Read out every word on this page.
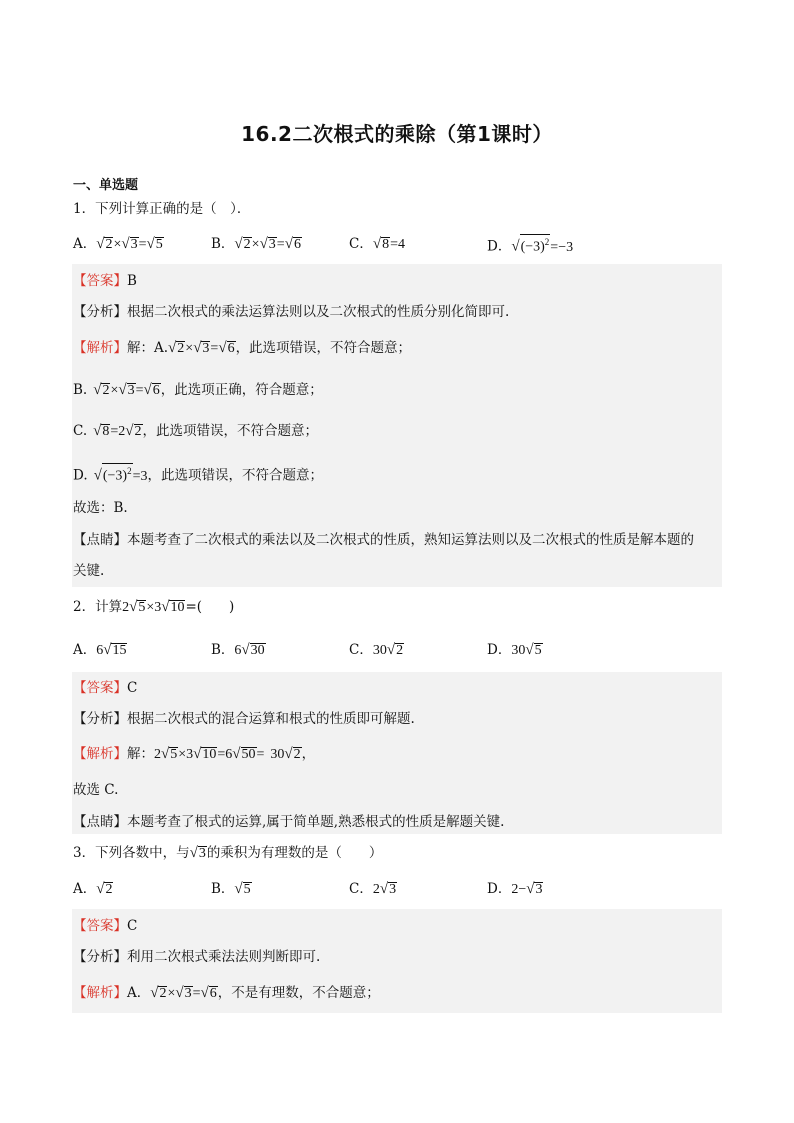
16.2二次根式的乘除（第1课时）
一、单选题
1．下列计算正确的是（　）．
A．√2×√3=√5	B．√2×√3=√6	C．√8=4	D．$√(-3)^2=-3$
【答案】B
【分析】根据二次根式的乘法运算法则以及二次根式的性质分别化简即可.
【解析】解：A.√2×√3=√6，此选项错误，不符合题意；
B. √2×√3=√6，此选项正确，符合题意；
C. √8=2√2，此选项错误，不符合题意；
D. $√(-3)^2=3$，此选项错误，不符合题意；
故选：B.
【点睛】本题考查了二次根式的乘法以及二次根式的性质，熟知运算法则以及二次根式的性质是解本题的
关键.
2．计算2√5×3√10=(　　)
A．6√15	B．6√30	C．30√2	D．30√5
【答案】C
【分析】根据二次根式的混合运算和根式的性质即可解题.
【解析】解：2√5×3√10=6√50= 30√2，
故选 C.
【点睛】本题考查了根式的运算,属于简单题,熟悉根式的性质是解题关键.
3．下列各数中，与√3的乘积为有理数的是（　　）
A．√2	B．√5	C．2√3	D．2−√3
【答案】C
【分析】利用二次根式乘法法则判断即可.
【解析】A．√2×√3=√6，不是有理数，不合题意；
